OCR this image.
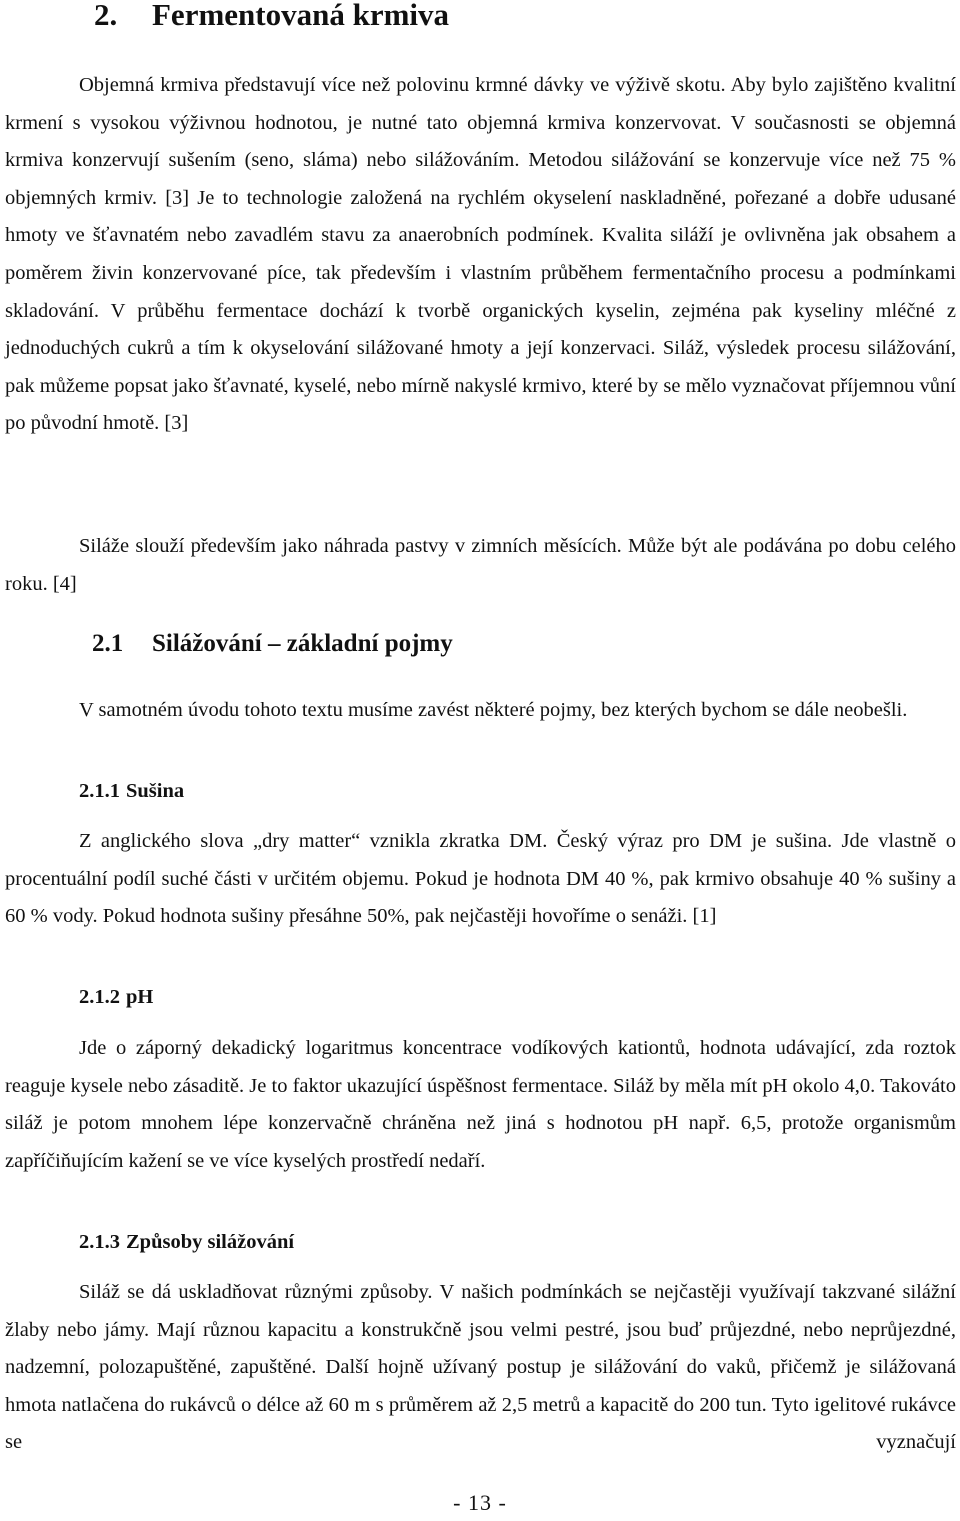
2. Fermentovaná krmiva

Objemná krmiva představují více než polovinu krmné dávky ve výživě skotu. Aby bylo zajištěno kvalitní krmení s vysokou výživnou hodnotou, je nutné tato objemná krmiva konzervovat. V současnosti se objemná krmiva konzervují sušením (seno, sláma) nebo silážováním. Metodou silážování se konzervuje více než 75 % objemných krmiv. [3] Je to technologie založená na rychlém okyselení naskladněné, pořezané a dobře udusané hmoty ve šťavnatém nebo zavadlém stavu za anaerobních podmínek. Kvalita siláží je ovlivněna jak obsahem a poměrem živin konzervované píce, tak především i vlastním průběhem fermentačního procesu a podmínkami skladování. V průběhu fermentace dochází k tvorbě organických kyselin, zejména pak kyseliny mléčné z jednoduchých cukrů a tím k okyselování silážované hmoty a její konzervaci. Siláž, výsledek procesu silážování, pak můžeme popsat jako šťavnaté, kyselé, nebo mírně nakyslé krmivo, které by se mělo vyznačovat příjemnou vůní po původní hmotě. [3]

Siláže slouží především jako náhrada pastvy v zimních měsících. Může být ale podávána po dobu celého roku. [4]

2.1 Silážování – základní pojmy

V samotném úvodu tohoto textu musíme zavést některé pojmy, bez kterých bychom se dále neobešli.

2.1.1 Sušina

Z anglického slova „dry matter“ vznikla zkratka DM. Český výraz pro DM je sušina. Jde vlastně o procentuální podíl suché části v určitém objemu. Pokud je hodnota DM 40 %, pak krmivo obsahuje 40 % sušiny a 60 % vody. Pokud hodnota sušiny přesáhne 50%, pak nejčastěji hovoříme o senáži. [1]

2.1.2 pH

Jde o záporný dekadický logaritmus koncentrace vodíkových kationtů, hodnota udávající, zda roztok reaguje kysele nebo zásaditě. Je to faktor ukazující úspěšnost fermentace. Siláž by měla mít pH okolo 4,0. Takováto siláž je potom mnohem lépe konzervačně chráněna než jiná s hodnotou pH např. 6,5, protože organismům zapříčiňujícím kažení se ve více kyselých prostředí nedaří.

2.1.3 Způsoby silážování

Siláž se dá uskladňovat různými způsoby. V našich podmínkách se nejčastěji využívají takzvané silážní žlaby nebo jámy. Mají různou kapacitu a konstrukčně jsou velmi pestré, jsou buď průjezdné, nebo neprůjezdné, nadzemní, polozapuštěné, zapuštěné. Další hojně užívaný postup je silážování do vaků, přičemž je silážovaná hmota natlačena do rukávců o délce až 60 m s průměrem až 2,5 metrů a kapacitě do 200 tun. Tyto igelitové rukávce se vyznačují

- 13 -
